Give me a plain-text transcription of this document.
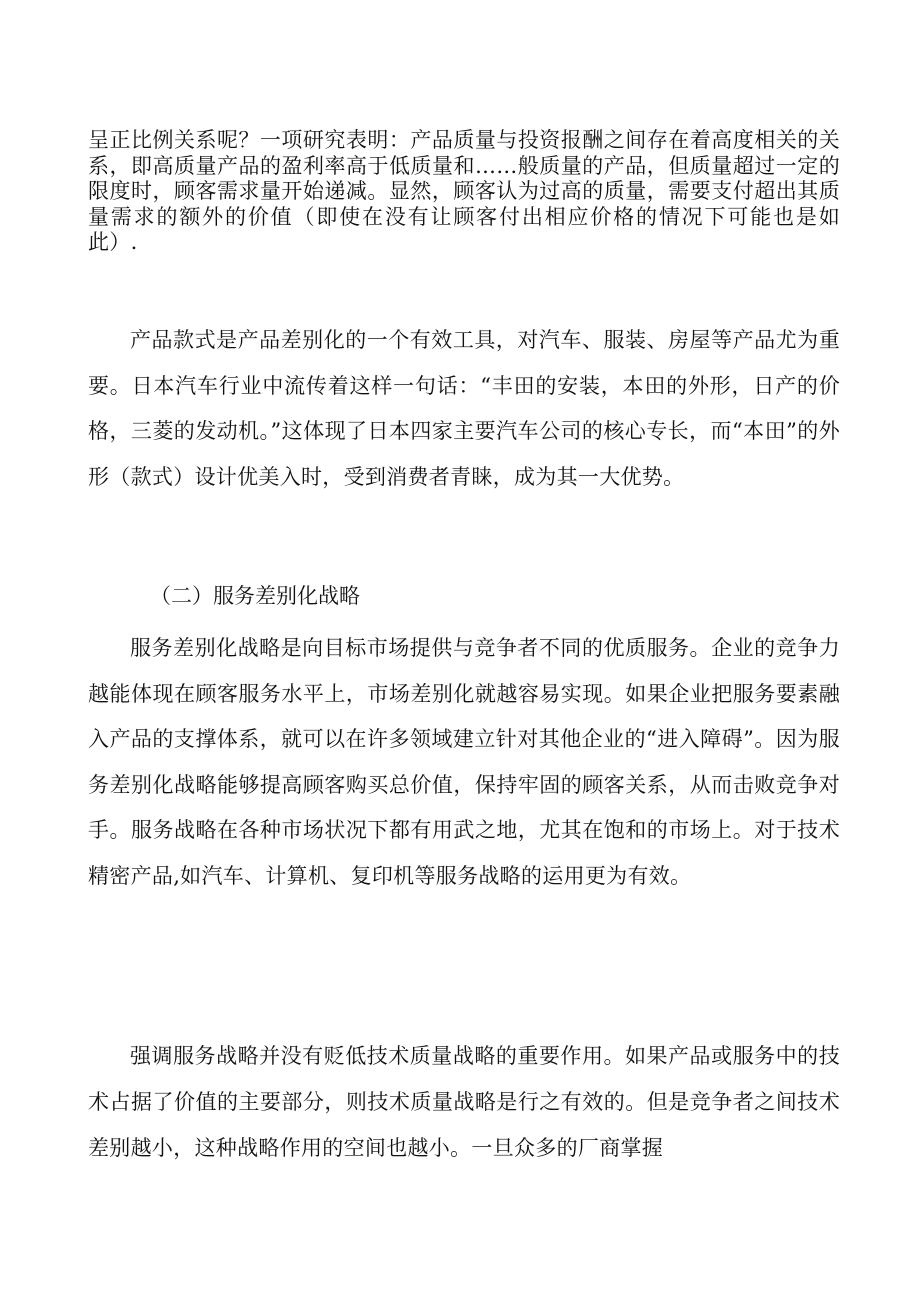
呈正比例关系呢？一项研究表明：产品质量与投资报酬之间存在着高度相关的关系，即高质量产品的盈利率高于低质量和……般质量的产品，但质量超过一定的限度时，顾客需求量开始递减。显然，顾客认为过高的质量，需要支付超出其质量需求的额外的价值（即使在没有让顾客付出相应价格的情况下可能也是如此）.

产品款式是产品差别化的一个有效工具，对汽车、服装、房屋等产品尤为重要。日本汽车行业中流传着这样一句话：“丰田的安装，本田的外形，日产的价格，三菱的发动机。”这体现了日本四家主要汽车公司的核心专长，而“本田”的外形（款式）设计优美入时，受到消费者青睐，成为其一大优势。

（二）服务差别化战略

服务差别化战略是向目标市场提供与竞争者不同的优质服务。企业的竞争力越能体现在顾客服务水平上，市场差别化就越容易实现。如果企业把服务要素融入产品的支撑体系，就可以在许多领域建立针对其他企业的“进入障碍”。因为服务差别化战略能够提高顾客购买总价值，保持牢固的顾客关系，从而击败竞争对手。服务战略在各种市场状况下都有用武之地，尤其在饱和的市场上。对于技术精密产品,如汽车、计算机、复印机等服务战略的运用更为有效。

强调服务战略并没有贬低技术质量战略的重要作用。如果产品或服务中的技术占据了价值的主要部分，则技术质量战略是行之有效的。但是竞争者之间技术差别越小，这种战略作用的空间也越小。一旦众多的厂商掌握
